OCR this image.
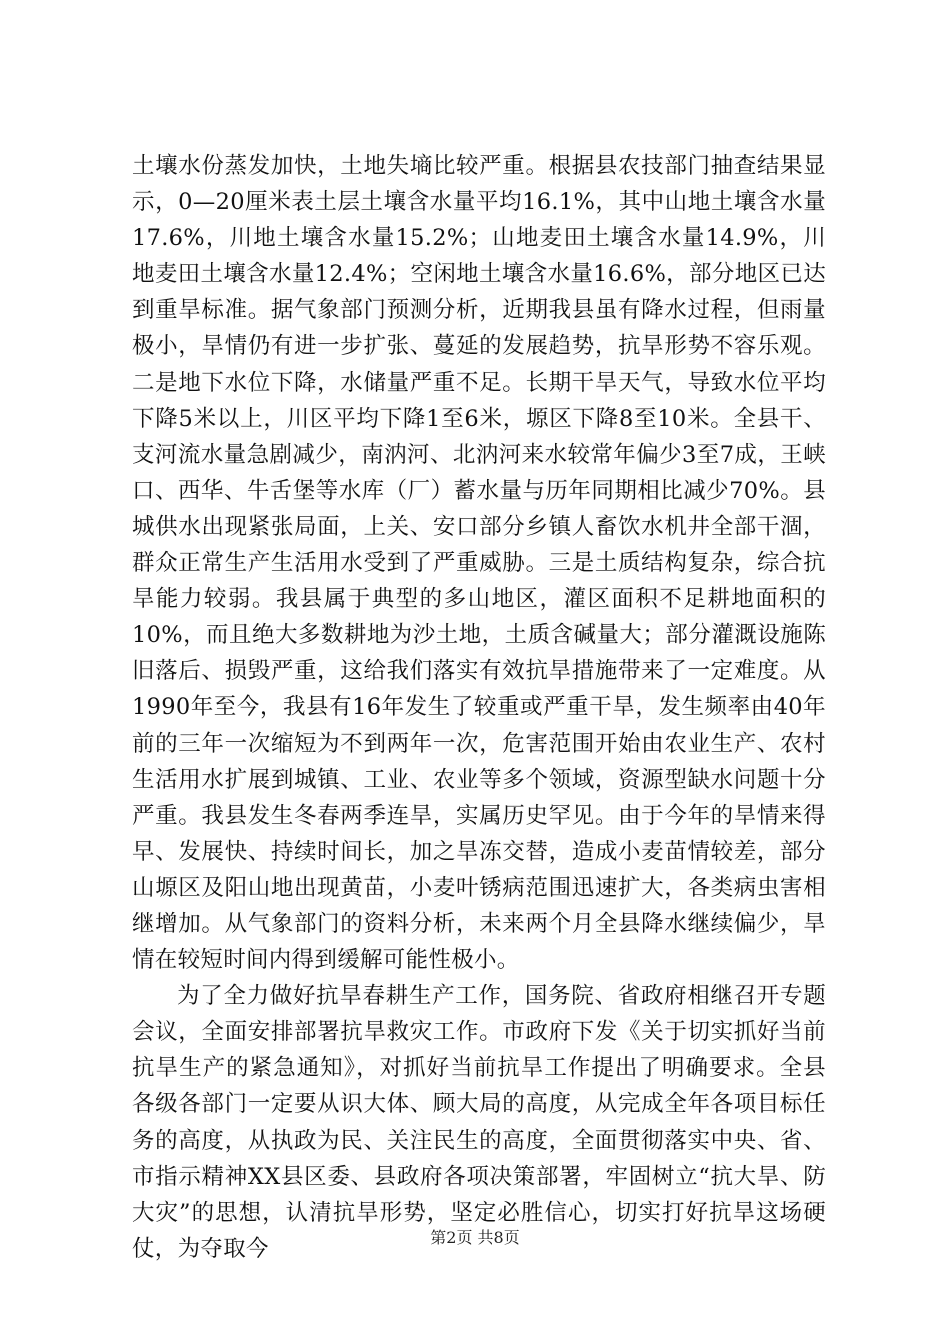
土壤水份蒸发加快，土地失墒比较严重。根据县农技部门抽查结果显示，0—20厘米表土层土壤含水量平均16.1%，其中山地土壤含水量17.6%，川地土壤含水量15.2%；山地麦田土壤含水量14.9%，川地麦田土壤含水量12.4%；空闲地土壤含水量16.6%，部分地区已达到重旱标准。据气象部门预测分析，近期我县虽有降水过程，但雨量极小，旱情仍有进一步扩张、蔓延的发展趋势，抗旱形势不容乐观。二是地下水位下降，水储量严重不足。长期干旱天气，导致水位平均下降5米以上，川区平均下降1至6米，塬区下降8至10米。全县干、支河流水量急剧减少，南汭河、北汭河来水较常年偏少3至7成，王峡口、西华、牛舌堡等水库（厂）蓄水量与历年同期相比减少70%。县城供水出现紧张局面，上关、安口部分乡镇人畜饮水机井全部干涸，群众正常生产生活用水受到了严重威胁。三是土质结构复杂，综合抗旱能力较弱。我县属于典型的多山地区，灌区面积不足耕地面积的10%，而且绝大多数耕地为沙土地，土质含碱量大；部分灌溉设施陈旧落后、损毁严重，这给我们落实有效抗旱措施带来了一定难度。从1990年至今，我县有16年发生了较重或严重干旱，发生频率由40年前的三年一次缩短为不到两年一次，危害范围开始由农业生产、农村生活用水扩展到城镇、工业、农业等多个领域，资源型缺水问题十分严重。我县发生冬春两季连旱，实属历史罕见。由于今年的旱情来得早、发展快、持续时间长，加之旱冻交替，造成小麦苗情较差，部分山塬区及阳山地出现黄苗，小麦叶锈病范围迅速扩大，各类病虫害相继增加。从气象部门的资料分析，未来两个月全县降水继续偏少，旱情在较短时间内得到缓解可能性极小。

为了全力做好抗旱春耕生产工作，国务院、省政府相继召开专题会议，全面安排部署抗旱救灾工作。市政府下发《关于切实抓好当前抗旱生产的紧急通知》，对抓好当前抗旱工作提出了明确要求。全县各级各部门一定要从识大体、顾大局的高度，从完成全年各项目标任务的高度，从执政为民、关注民生的高度，全面贯彻落实中央、省、市指示精神XX县区委、县政府各项决策部署，牢固树立“抗大旱、防大灾”的思想，认清抗旱形势，坚定必胜信心，切实打好抗旱这场硬仗，为夺取今	第2页 共8页
